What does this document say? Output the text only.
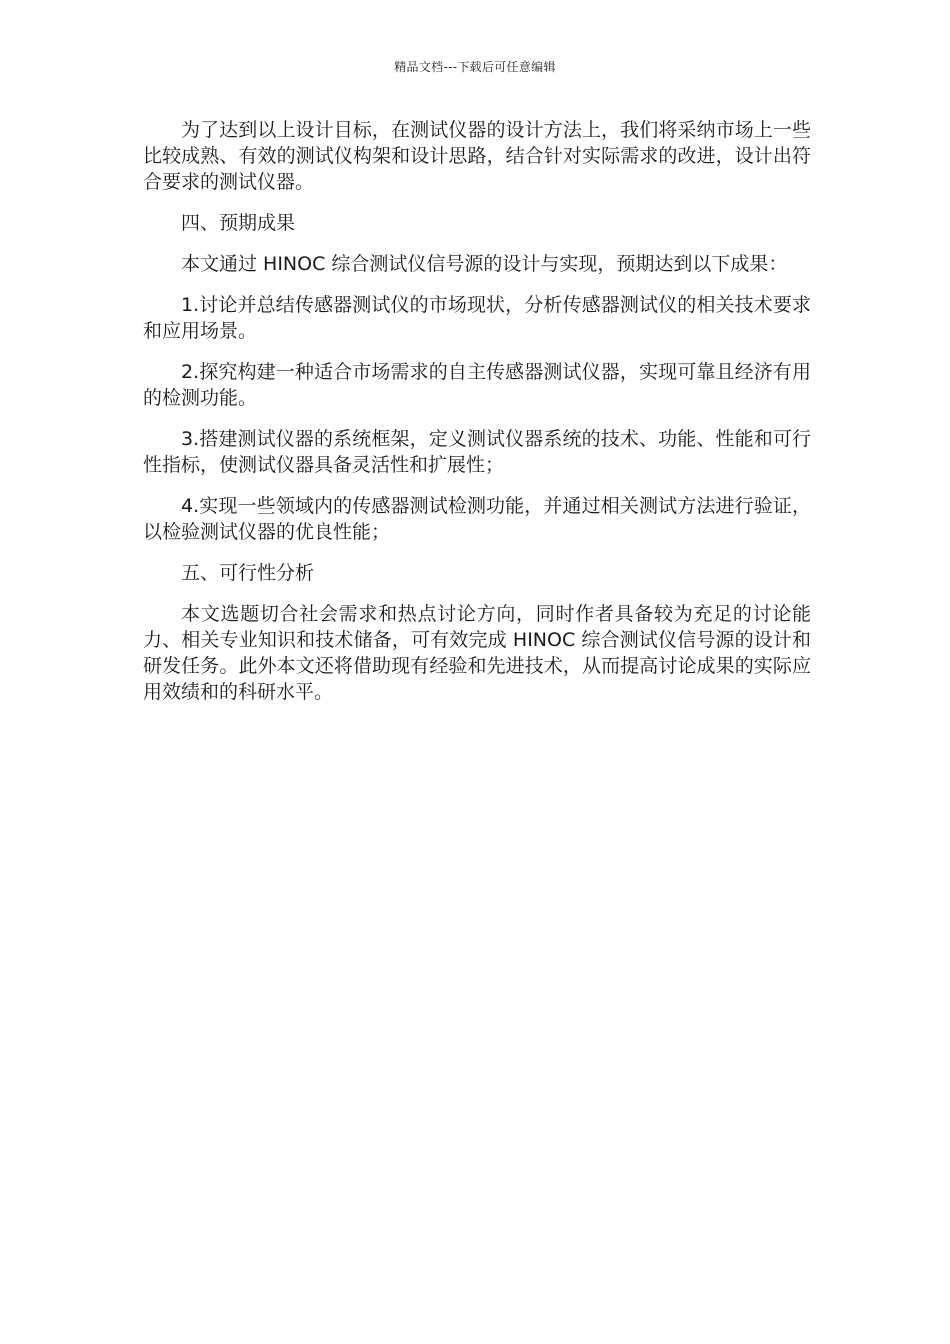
精品文档---下载后可任意编辑

为了达到以上设计目标，在测试仪器的设计方法上，我们将采纳市场上一些比较成熟、有效的测试仪构架和设计思路，结合针对实际需求的改进，设计出符合要求的测试仪器。

四、预期成果

本文通过 HINOC 综合测试仪信号源的设计与实现，预期达到以下成果：

1.讨论并总结传感器测试仪的市场现状，分析传感器测试仪的相关技术要求和应用场景。

2.探究构建一种适合市场需求的自主传感器测试仪器，实现可靠且经济有用的检测功能。

3.搭建测试仪器的系统框架，定义测试仪器系统的技术、功能、性能和可行性指标，使测试仪器具备灵活性和扩展性；

4.实现一些领域内的传感器测试检测功能，并通过相关测试方法进行验证，以检验测试仪器的优良性能；

五、可行性分析

本文选题切合社会需求和热点讨论方向，同时作者具备较为充足的讨论能力、相关专业知识和技术储备，可有效完成 HINOC 综合测试仪信号源的设计和研发任务。此外本文还将借助现有经验和先进技术，从而提高讨论成果的实际应用效绩和的科研水平。
